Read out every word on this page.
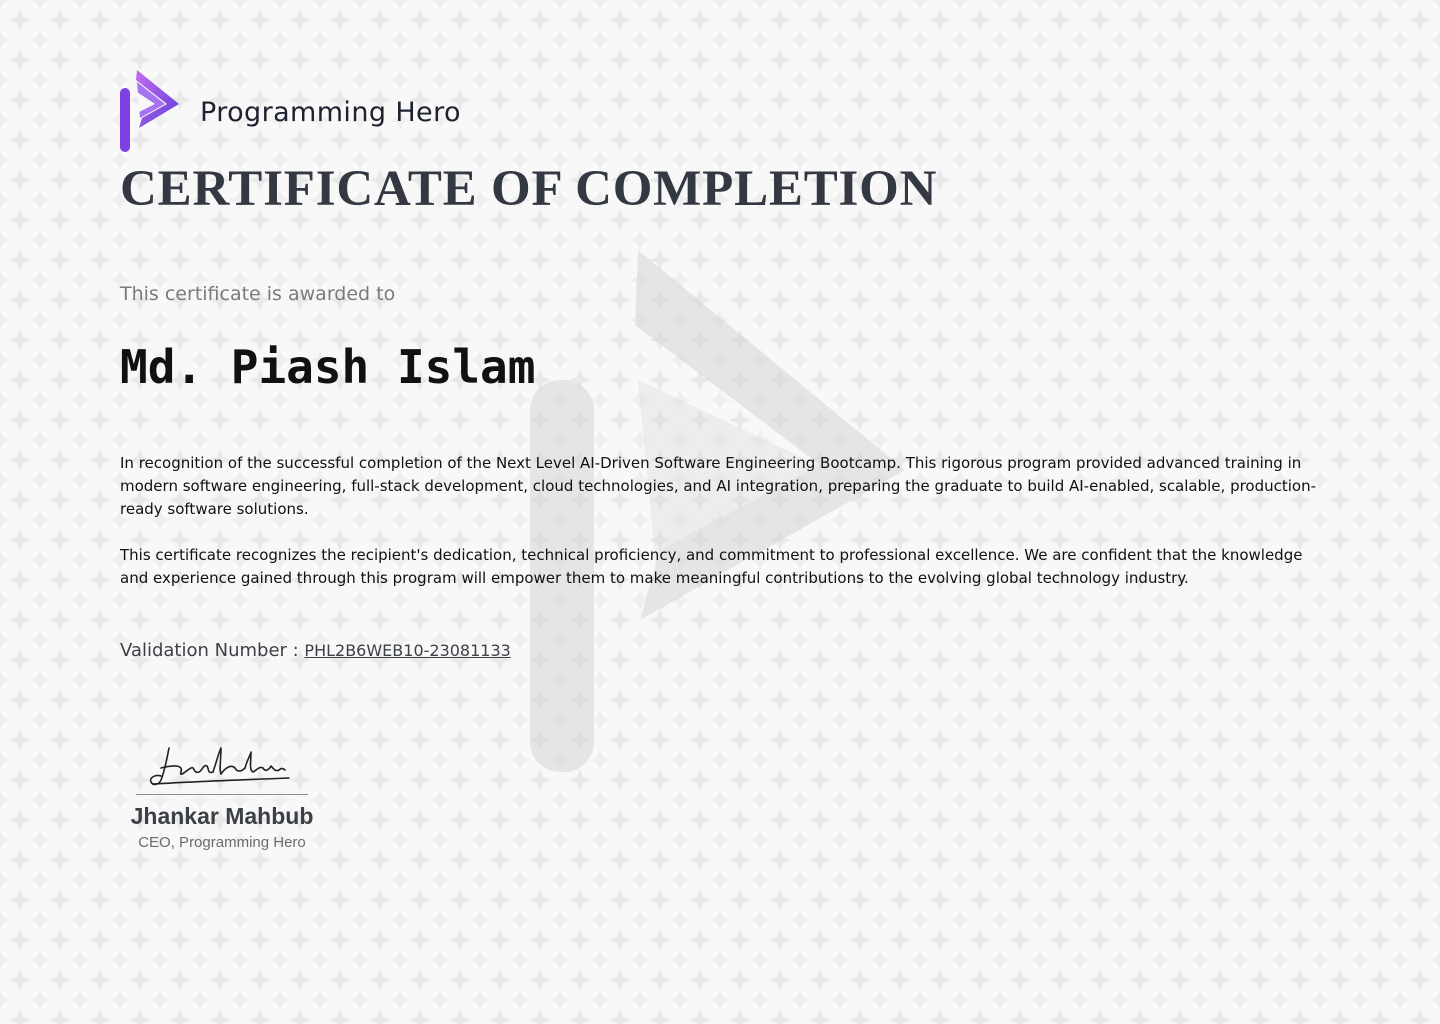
Programming Hero
CERTIFICATE OF COMPLETION
This certificate is awarded to
Md. Piash Islam

In recognition of the successful completion of the Next Level AI-Driven Software Engineering Bootcamp. This rigorous program provided advanced training in modern software engineering, full-stack development, cloud technologies, and AI integration, preparing the graduate to build AI-enabled, scalable, production-ready software solutions.

This certificate recognizes the recipient's dedication, technical proficiency, and commitment to professional excellence. We are confident that the knowledge and experience gained through this program will empower them to make meaningful contributions to the evolving global technology industry.

Validation Number : PHL2B6WEB10-23081133
Jhankar Mahbub
CEO, Programming Hero
